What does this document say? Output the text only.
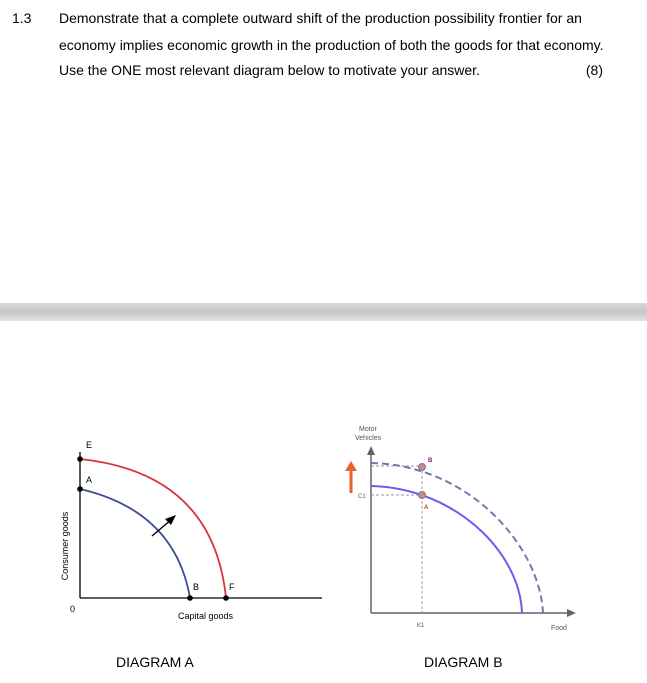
1.3 Demonstrate that a complete outward shift of the production possibility frontier for an
economy implies economic growth in the production of both the goods for that economy.
Use the ONE most relevant diagram below to motivate your answer.	(8)
E
A
B	F
0
Capital goods
Consumer goods
Motor
Vehicles
A
B
C1
K1	Food
DIAGRAM A	DIAGRAM B
